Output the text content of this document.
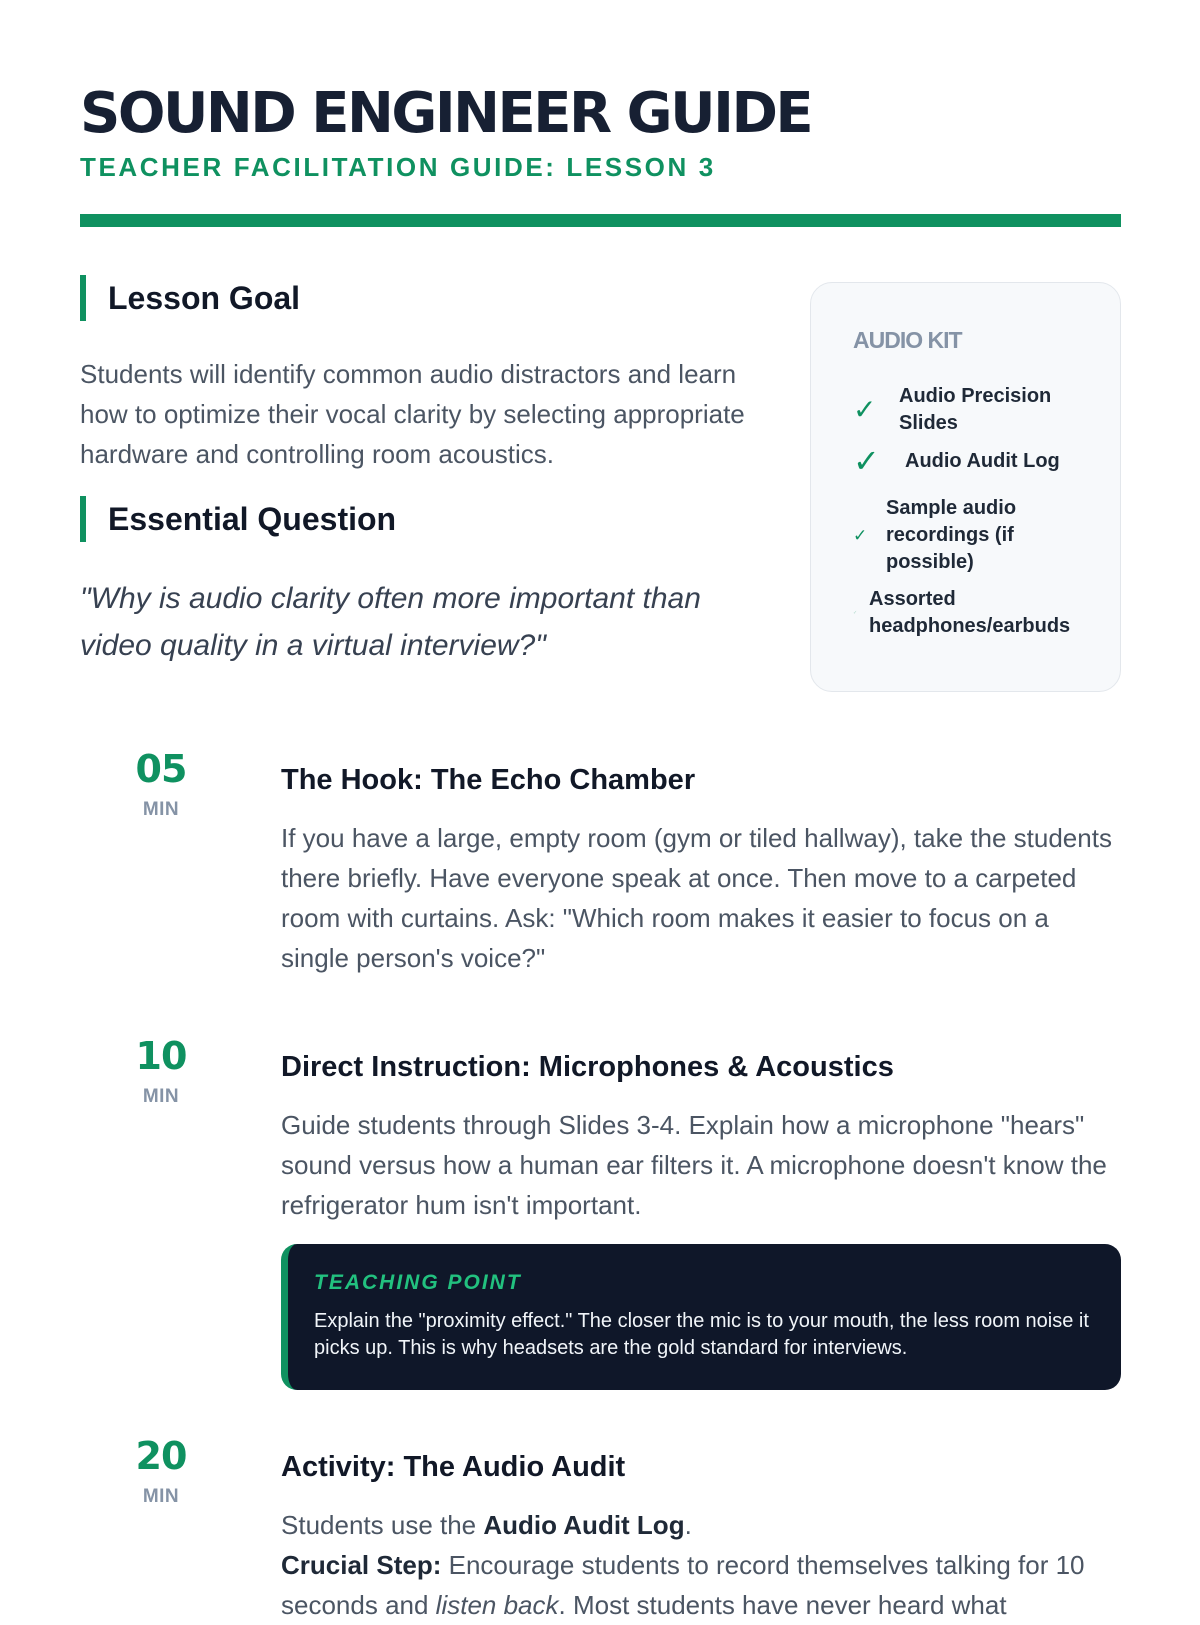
SOUND ENGINEER GUIDE
TEACHER FACILITATION GUIDE: LESSON 3
Lesson Goal

Students will identify common audio distractors and learn how to optimize their vocal clarity by selecting appropriate hardware and controlling room acoustics.

Essential Question

"Why is audio clarity often more important than video quality in a virtual interview?"

AUDIO KIT
✓	Audio Precision Slides
✓	Audio Audit Log
✓
Sample audio recordings (if possible)
✓
Assorted headphones/earbuds
05
MIN
The Hook: The Echo Chamber

If you have a large, empty room (gym or tiled hallway), take the students there briefly. Have everyone speak at once. Then move to a carpeted room with curtains. Ask: "Which room makes it easier to focus on a single person's voice?"

10
MIN
Direct Instruction: Microphones & Acoustics

Guide students through Slides 3-4. Explain how a microphone "hears" sound versus how a human ear filters it. A microphone doesn't know the refrigerator hum isn't important.

TEACHING POINT
Explain the "proximity effect." The closer the mic is to your mouth, the less room noise it picks up. This is why headsets are the gold standard for interviews.
20
MIN
Activity: The Audio Audit
Students use the Audio Audit Log.
Crucial Step: Encourage students to record themselves talking for 10 seconds and listen back. Most students have never heard what
